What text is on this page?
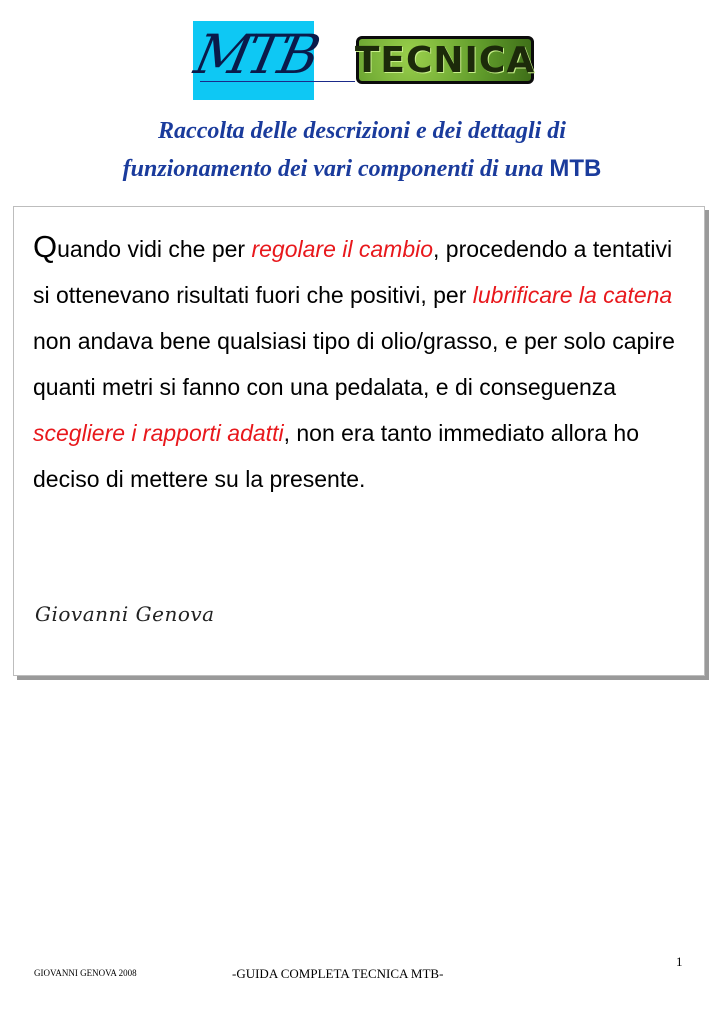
MTB TECNICA
Raccolta delle descrizioni e dei dettagli di
funzionamento dei vari componenti di una MTB
Quando vidi che per regolare il cambio, procedendo a tentativi si ottenevano risultati fuori che positivi, per lubrificare la catena non andava bene qualsiasi tipo di olio/grasso, e per solo capire quanti metri si fanno con una pedalata, e di conseguenza scegliere i rapporti adatti, non era tanto immediato allora ho deciso di mettere su la presente.
Giovanni Genova
1
GIOVANNI GENOVA 2008	-GUIDA COMPLETA TECNICA MTB-
